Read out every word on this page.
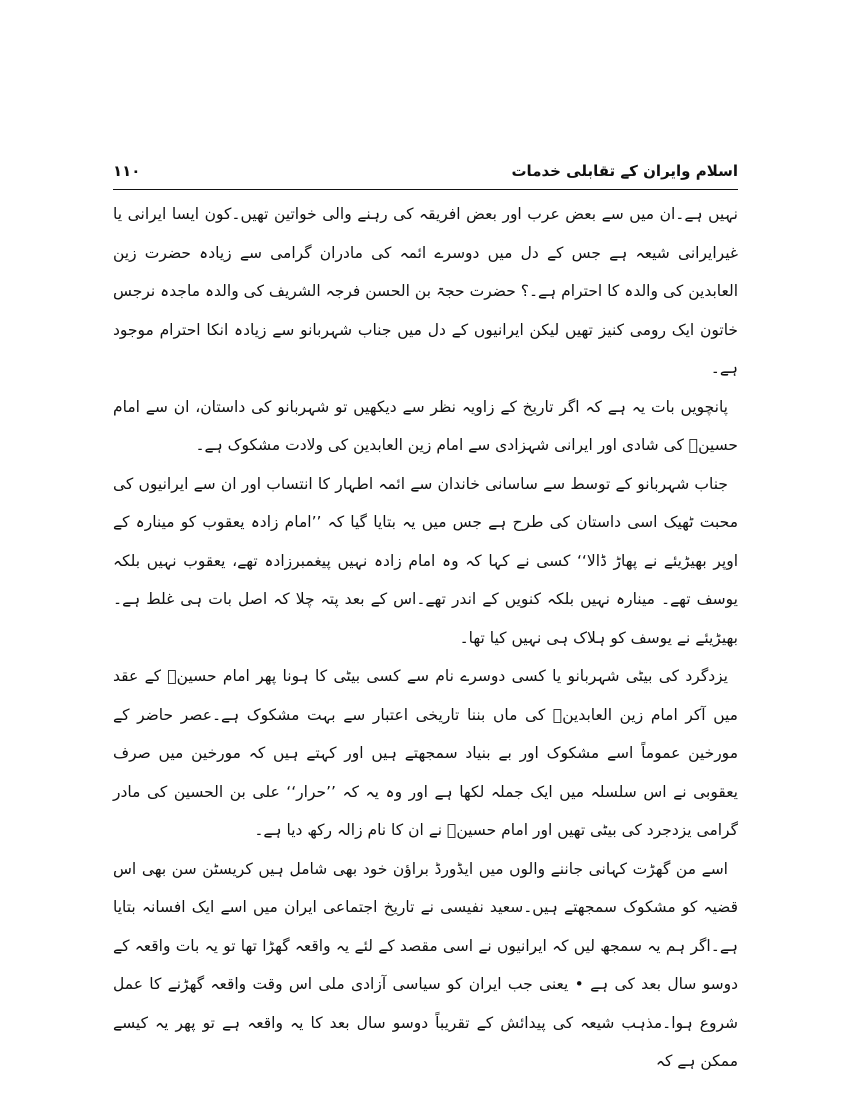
اسلام وایران کے تقابلی خدمات
۱۱۰

نہیں ہے۔ان میں سے بعض عرب اور بعض افریقہ کی رہنے والی خواتین تھیں۔کون ایسا ایرانی یا غیرایرانی شیعہ ہے جس کے دل میں دوسرے ائمہ کی مادران گرامی سے زیادہ حضرت زین العابدین کی والدہ کا احترام ہے۔؟ حضرت حجۃ بن الحسن فرجہ الشریف کی والدہ ماجدہ نرجس خاتون ایک رومی کنیز تھیں لیکن ایرانیوں کے دل میں جناب شہربانو سے زیادہ انکا احترام موجود ہے۔

پانچویں بات یہ ہے کہ اگر تاریخ کے زاویہ نظر سے دیکھیں تو شہربانو کی داستان، ان سے امام حسینؑ کی شادی اور ایرانی شہزادی سے امام زین العابدین کی ولادت مشکوک ہے۔

جناب شہربانو کے توسط سے ساسانی خاندان سے ائمہ اطہار کا انتساب اور ان سے ایرانیوں کی محبت ٹھیک اسی داستان کی طرح ہے جس میں یہ بتایا گیا کہ ’’امام زادہ یعقوب کو مینارہ کے اوپر بھیڑیئے نے پھاڑ ڈالا‘‘ کسی نے کہا کہ وہ امام زادہ نہیں پیغمبرزادہ تھے، یعقوب نہیں بلکہ یوسف تھے۔ مینارہ نہیں بلکہ کنویں کے اندر تھے۔اس کے بعد پتہ چلا کہ اصل بات ہی غلط ہے۔بھیڑیئے نے یوسف کو ہلاک ہی نہیں کیا تھا۔

یزدگرد کی بیٹی شہربانو یا کسی دوسرے نام سے کسی بیٹی کا ہونا پھر امام حسینؑ کے عقد میں آکر امام زین العابدینؑ کی ماں بننا تاریخی اعتبار سے بہت مشکوک ہے۔عصر حاضر کے مورخین عموماً اسے مشکوک اور بے بنیاد سمجھتے ہیں اور کہتے ہیں کہ مورخین میں صرف یعقوبی نے اس سلسلہ میں ایک جملہ لکھا ہے اور وہ یہ کہ ’’حرار‘‘ علی بن الحسین کی مادر گرامی یزدجرد کی بیٹی تھیں اور امام حسینؑ نے ان کا نام زالہ رکھ دیا ہے۔

اسے من گھڑت کہانی جاننے والوں میں ایڈورڈ براؤن خود بھی شامل ہیں کریسٹن سن بھی اس قضیہ کو مشکوک سمجھتے ہیں۔سعید نفیسی نے تاریخ اجتماعی ایران میں اسے ایک افسانہ بتایا ہے۔اگر ہم یہ سمجھ لیں کہ ایرانیوں نے اسی مقصد کے لئے یہ واقعہ گھڑا تھا تو یہ بات واقعہ کے دوسو سال بعد کی ہے • یعنی جب ایران کو سیاسی آزادی ملی اس وقت واقعہ گھڑنے کا عمل شروع ہوا۔مذہب شیعہ کی پیدائش کے تقریباً دوسو سال بعد کا یہ واقعہ ہے تو پھر یہ کیسے ممکن ہے کہ
